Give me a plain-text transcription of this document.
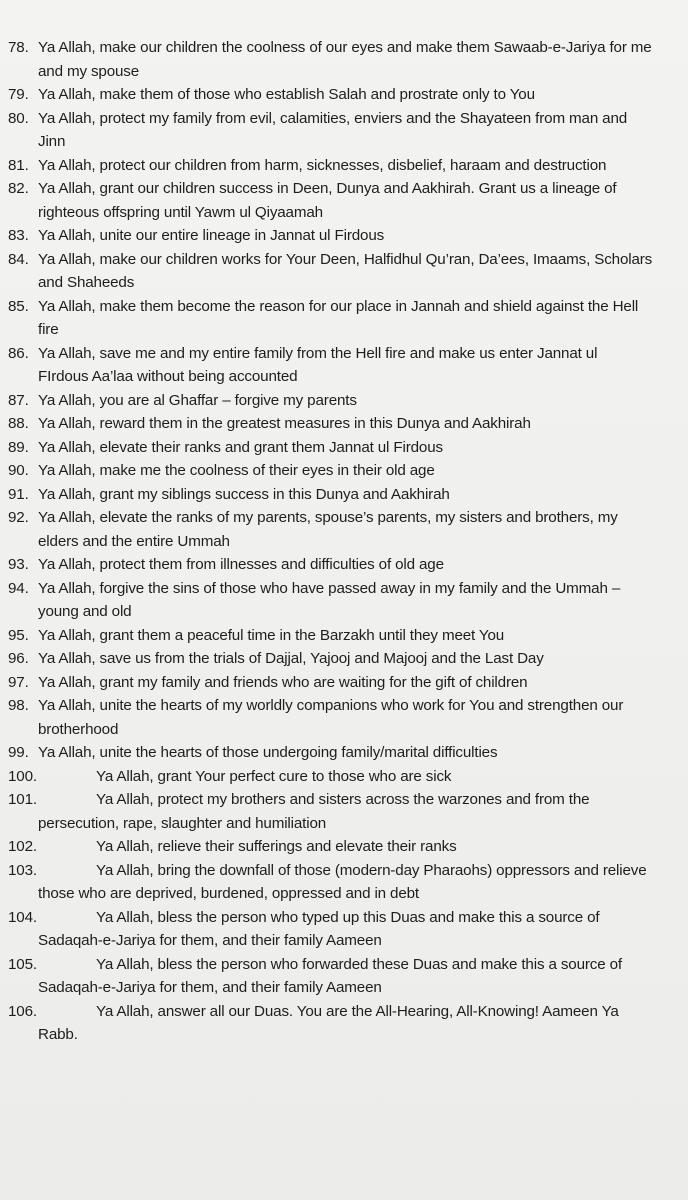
78. Ya Allah, make our children the coolness of our eyes and make them Sawaab-e-Jariya for me
and my spouse
79. Ya Allah, make them of those who establish Salah and prostrate only to You
80. Ya Allah, protect my family from evil, calamities, enviers and the Shayateen from man and
Jinn
81. Ya Allah, protect our children from harm, sicknesses, disbelief, haraam and destruction
82. Ya Allah, grant our children success in Deen, Dunya and Aakhirah. Grant us a lineage of
righteous offspring until Yawm ul Qiyaamah
83. Ya Allah, unite our entire lineage in Jannat ul Firdous
84. Ya Allah, make our children works for Your Deen, Halfidhul Qu’ran, Da’ees, Imaams, Scholars
and Shaheeds
85. Ya Allah, make them become the reason for our place in Jannah and shield against the Hell
fire
86. Ya Allah, save me and my entire family from the Hell fire and make us enter Jannat ul
FIrdous Aa’laa without being accounted
87. Ya Allah, you are al Ghaffar – forgive my parents
88. Ya Allah, reward them in the greatest measures in this Dunya and Aakhirah
89. Ya Allah, elevate their ranks and grant them Jannat ul Firdous
90. Ya Allah, make me the coolness of their eyes in their old age
91. Ya Allah, grant my siblings success in this Dunya and Aakhirah
92. Ya Allah, elevate the ranks of my parents, spouse’s parents, my sisters and brothers, my
elders and the entire Ummah
93. Ya Allah, protect them from illnesses and difficulties of old age
94. Ya Allah, forgive the sins of those who have passed away in my family and the Ummah –
young and old
95. Ya Allah, grant them a peaceful time in the Barzakh until they meet You
96. Ya Allah, save us from the trials of Dajjal, Yajooj and Majooj and the Last Day
97. Ya Allah, grant my family and friends who are waiting for the gift of children
98. Ya Allah, unite the hearts of my worldly companions who work for You and strengthen our
brotherhood
99. Ya Allah, unite the hearts of those undergoing family/marital difficulties
100.	Ya Allah, grant Your perfect cure to those who are sick
101.	Ya Allah, protect my brothers and sisters across the warzones and from the
persecution, rape, slaughter and humiliation
102.	Ya Allah, relieve their sufferings and elevate their ranks
103.	Ya Allah, bring the downfall of those (modern-day Pharaohs) oppressors and relieve
those who are deprived, burdened, oppressed and in debt
104.	Ya Allah, bless the person who typed up this Duas and make this a source of
Sadaqah-e-Jariya for them, and their family Aameen
105.	Ya Allah, bless the person who forwarded these Duas and make this a source of
Sadaqah-e-Jariya for them, and their family Aameen
106.	Ya Allah, answer all our Duas. You are the All-Hearing, All-Knowing! Aameen Ya
Rabb.
